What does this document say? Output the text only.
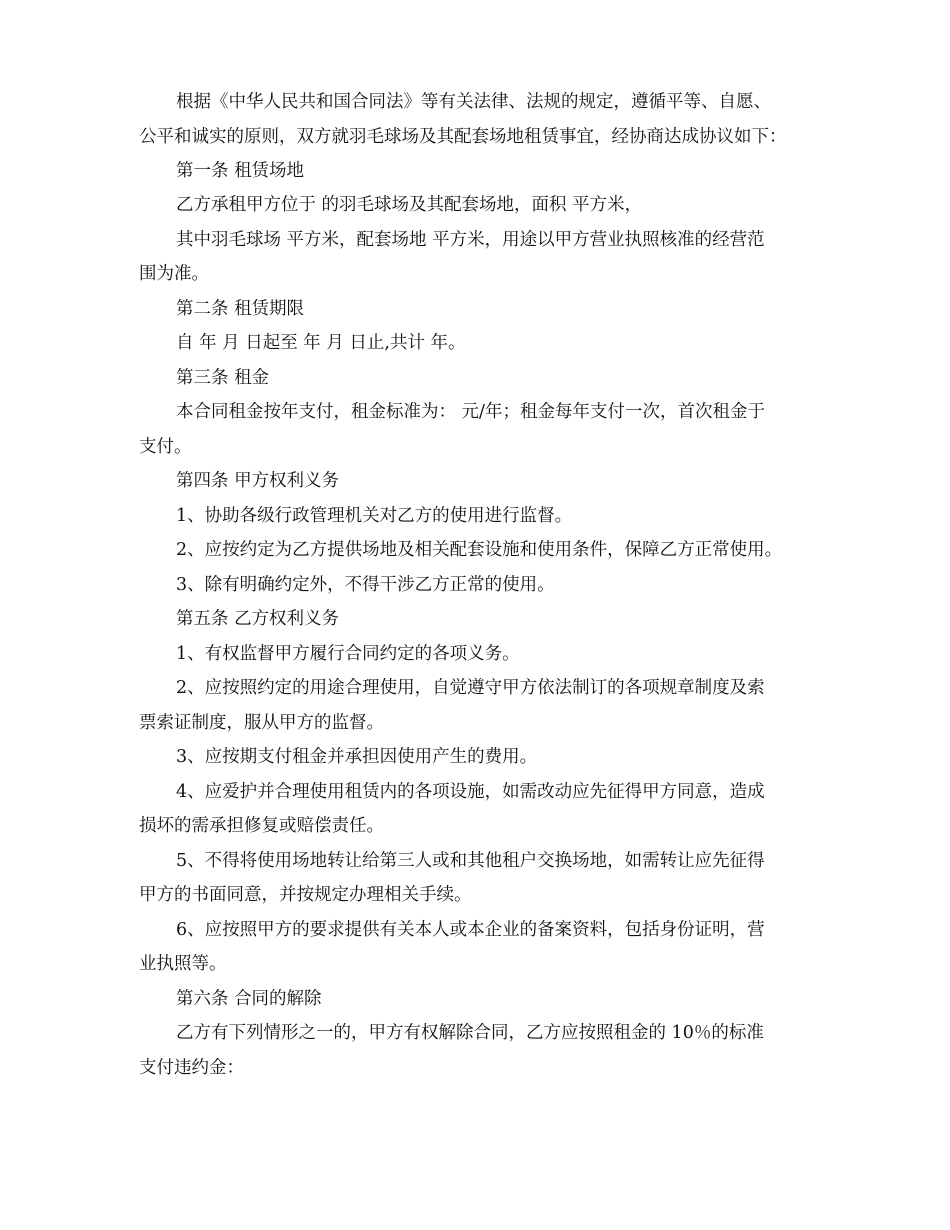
根据《中华人民共和国合同法》等有关法律、法规的规定，遵循平等、自愿、
公平和诚实的原则，双方就羽毛球场及其配套场地租赁事宜，经协商达成协议如下：
第一条 租赁场地
乙方承租甲方位于 的羽毛球场及其配套场地，面积 平方米，
其中羽毛球场 平方米，配套场地 平方米，用途以甲方营业执照核准的经营范
围为准。
第二条 租赁期限
自 年 月 日起至 年 月 日止,共计 年。
第三条 租金
本合同租金按年支付，租金标准为： 元/年；租金每年支付一次，首次租金于
支付。
第四条 甲方权利义务
1、协助各级行政管理机关对乙方的使用进行监督。
2、应按约定为乙方提供场地及相关配套设施和使用条件，保障乙方正常使用。
3、除有明确约定外，不得干涉乙方正常的使用。
第五条 乙方权利义务
1、有权监督甲方履行合同约定的各项义务。
2、应按照约定的用途合理使用，自觉遵守甲方依法制订的各项规章制度及索
票索证制度，服从甲方的监督。
3、应按期支付租金并承担因使用产生的费用。
4、应爱护并合理使用租赁内的各项设施，如需改动应先征得甲方同意，造成
损坏的需承担修复或赔偿责任。
5、不得将使用场地转让给第三人或和其他租户交换场地，如需转让应先征得
甲方的书面同意，并按规定办理相关手续。
6、应按照甲方的要求提供有关本人或本企业的备案资料，包括身份证明，营
业执照等。
第六条 合同的解除
乙方有下列情形之一的，甲方有权解除合同，乙方应按照租金的 10％的标准
支付违约金：
